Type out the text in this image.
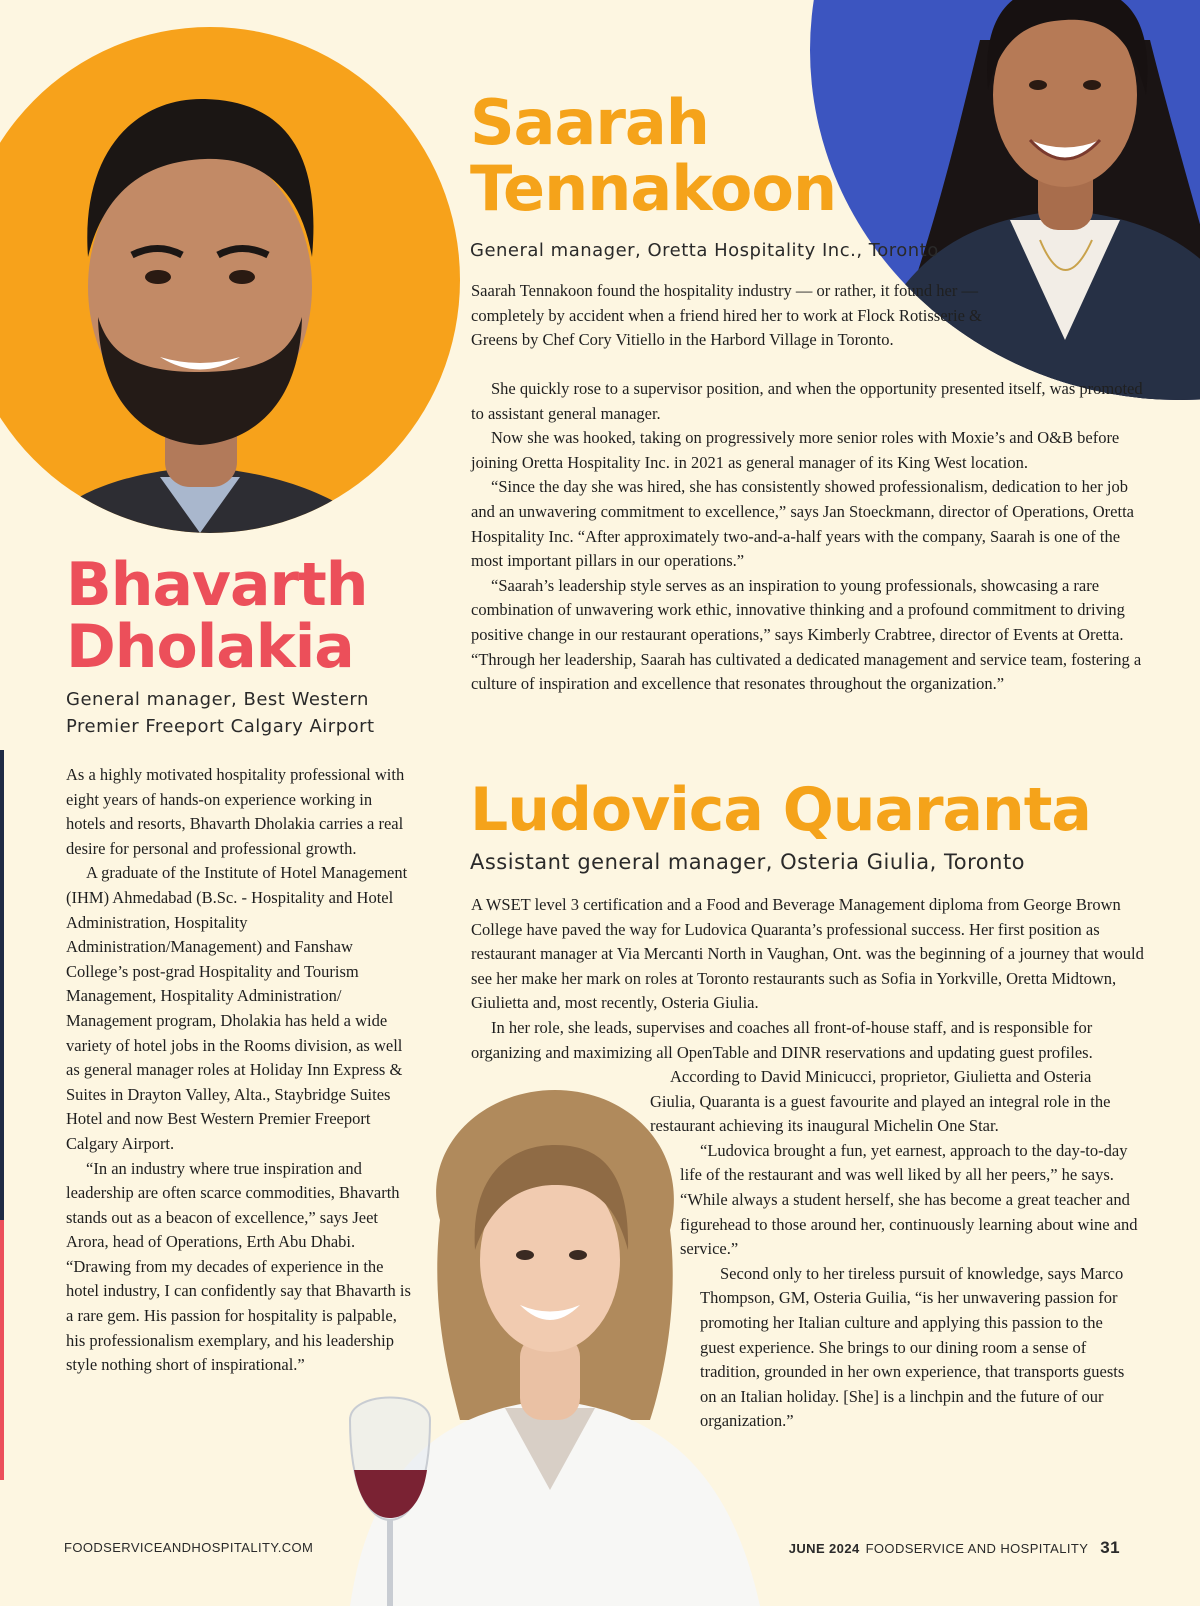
Saarah
Tennakoon
General manager, Oretta Hospitality Inc., Toronto

Saarah Tennakoon found the hospitality industry — or rather, it found her — completely by accident when a friend hired her to work at Flock Rotisserie & Greens by Chef Cory Vitiello in the Harbord Village in Toronto.

She quickly rose to a supervisor position, and when the opportunity presented itself, was promoted to assistant general manager.

Now she was hooked, taking on progressively more senior roles with Moxie’s and O&B before joining Oretta Hospitality Inc. in 2021 as general manager of its King West location.

“Since the day she was hired, she has consistently showed professionalism, dedication to her job and an unwavering commitment to excellence,” says Jan Stoeckmann, director of Operations, Oretta Hospitality Inc. “After approximately two-and-a-half years with the company, Saarah is one of the most important pillars in our operations.”

“Saarah’s leadership style serves as an inspiration to young professionals, showcasing a rare combination of unwavering work ethic, innovative thinking and a profound commitment to driving positive change in our restaurant operations,” says Kimberly Crabtree, director of Events at Oretta. “Through her leadership, Saarah has cultivated a dedicated management and service team, fostering a culture of inspiration and excellence that resonates throughout the organization.”

Bhavarth
Dholakia
General manager, Best Western
Premier Freeport Calgary Airport

As a highly motivated hospitality professional with eight years of hands-on experience working in hotels and resorts, Bhavarth Dholakia carries a real desire for personal and professional growth.

A graduate of the Institute of Hotel Management (IHM) Ahmedabad (B.Sc. - Hospitality and Hotel Administration, Hospitality Administration/Management) and Fanshaw College’s post-grad Hospitality and Tourism Management, Hospitality Administration/ Management program, Dholakia has held a wide variety of hotel jobs in the Rooms division, as well as general manager roles at Holiday Inn Express & Suites in Drayton Valley, Alta., Staybridge Suites Hotel and now Best Western Premier Freeport Calgary Airport.

“In an industry where true inspiration and leadership are often scarce commodities, Bhavarth stands out as a beacon of excellence,” says Jeet Arora, head of Operations, Erth Abu Dhabi. “Drawing from my decades of experience in the hotel industry, I can confidently say that Bhavarth is a rare gem. His passion for hospitality is palpable, his professionalism exemplary, and his leadership style nothing short of inspirational.”

Ludovica Quaranta
Assistant general manager, Osteria Giulia, Toronto

A WSET level 3 certification and a Food and Beverage Management diploma from George Brown College have paved the way for Ludovica Quaranta’s professional success. Her first position as restaurant manager at Via Mercanti North in Vaughan, Ont. was the beginning of a journey that would see her make her mark on roles at Toronto restaurants such as Sofia in Yorkville, Oretta Midtown, Giulietta and, most recently, Osteria Giulia.

In her role, she leads, supervises and coaches all front-of-house staff, and is responsible for organizing and maximizing all OpenTable and DINR reservations and updating guest profiles.

According to David Minicucci, proprietor, Giulietta and Osteria Giulia, Quaranta is a guest favourite and played an integral role in the restaurant achieving its inaugural Michelin One Star.

“Ludovica brought a fun, yet earnest, approach to the day-to-day life of the restaurant and was well liked by all her peers,” he says. “While always a student herself, she has become a great teacher and figurehead to those around her, continuously learning about wine and service.”

Second only to her tireless pursuit of knowledge, says Marco Thompson, GM, Osteria Guilia, “is her unwavering passion for promoting her Italian culture and applying this passion to the guest experience. She brings to our dining room a sense of tradition, grounded in her own experience, that transports guests on an Italian holiday. [She] is a linchpin and the future of our organization.”

FOODSERVICEANDHOSPITALITY.COM	JUNE 2024 FOODSERVICE AND HOSPITALITY 31
